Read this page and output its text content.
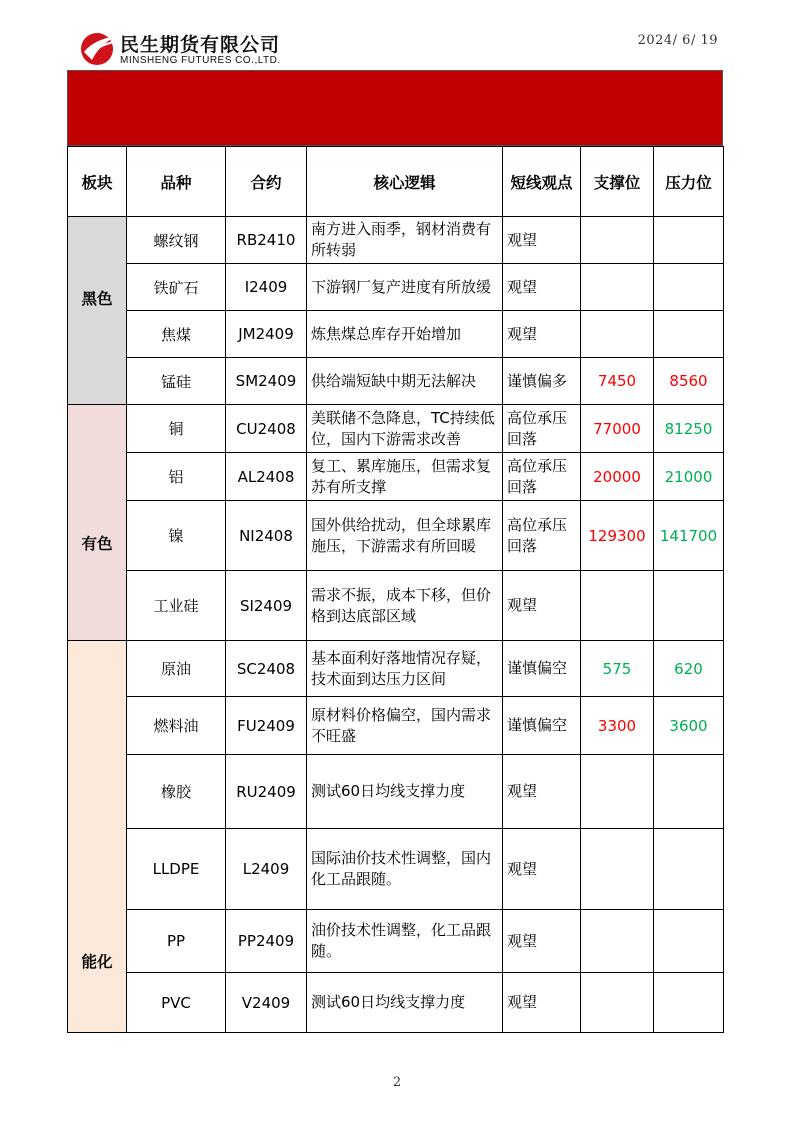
民生期货有限公司
MINSHENG FUTURES CO.,LTD.
2024/ 6/ 19
板块	品种	合约	核心逻辑	短线观点	支撑位	压力位

黑色	螺纹钢	RB2410	南方进入雨季，钢材消费有所转弱	观望		
	铁矿石	I2409	下游钢厂复产进度有所放缓	观望		
	焦煤	JM2409	炼焦煤总库存开始增加	观望		
	锰硅	SM2409	供给端短缺中期无法解决	谨慎偏多	7450	8560

有色	铜	CU2408	美联储不急降息，TC持续低位，国内下游需求改善	高位承压回落	77000	81250
	铝	AL2408	复工、累库施压，但需求复苏有所支撑	高位承压回落	20000	21000
	镍	NI2408	国外供给扰动，但全球累库施压，下游需求有所回暖	高位承压回落	129300	141700
	工业硅	SI2409	需求不振，成本下移，但价格到达底部区域	观望		

能化	原油	SC2408	基本面利好落地情况存疑，技术面到达压力区间	谨慎偏空	575	620
	燃料油	FU2409	原材料价格偏空，国内需求不旺盛	谨慎偏空	3300	3600
	橡胶	RU2409	测试60日均线支撑力度	观望		
	LLDPE	L2409	国际油价技术性调整，国内化工品跟随。	观望		
	PP	PP2409	油价技术性调整，化工品跟随。	观望		
	PVC	V2409	测试60日均线支撑力度	观望		
2
